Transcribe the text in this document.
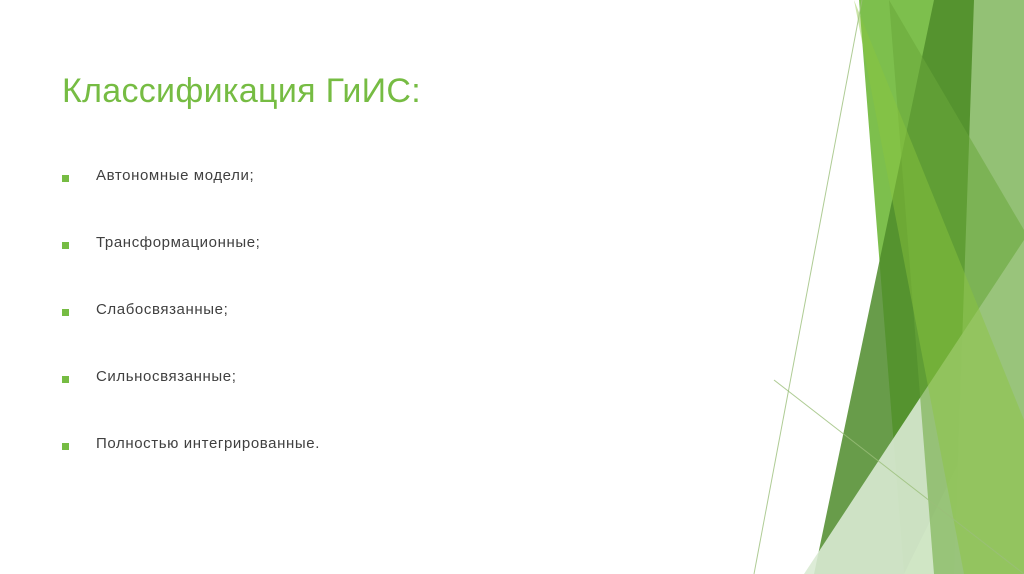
Классификация ГиИС:
Автономные модели;
Трансформационные;
Слабосвязанные;
Сильносвязанные;
Полностью интегрированные.
